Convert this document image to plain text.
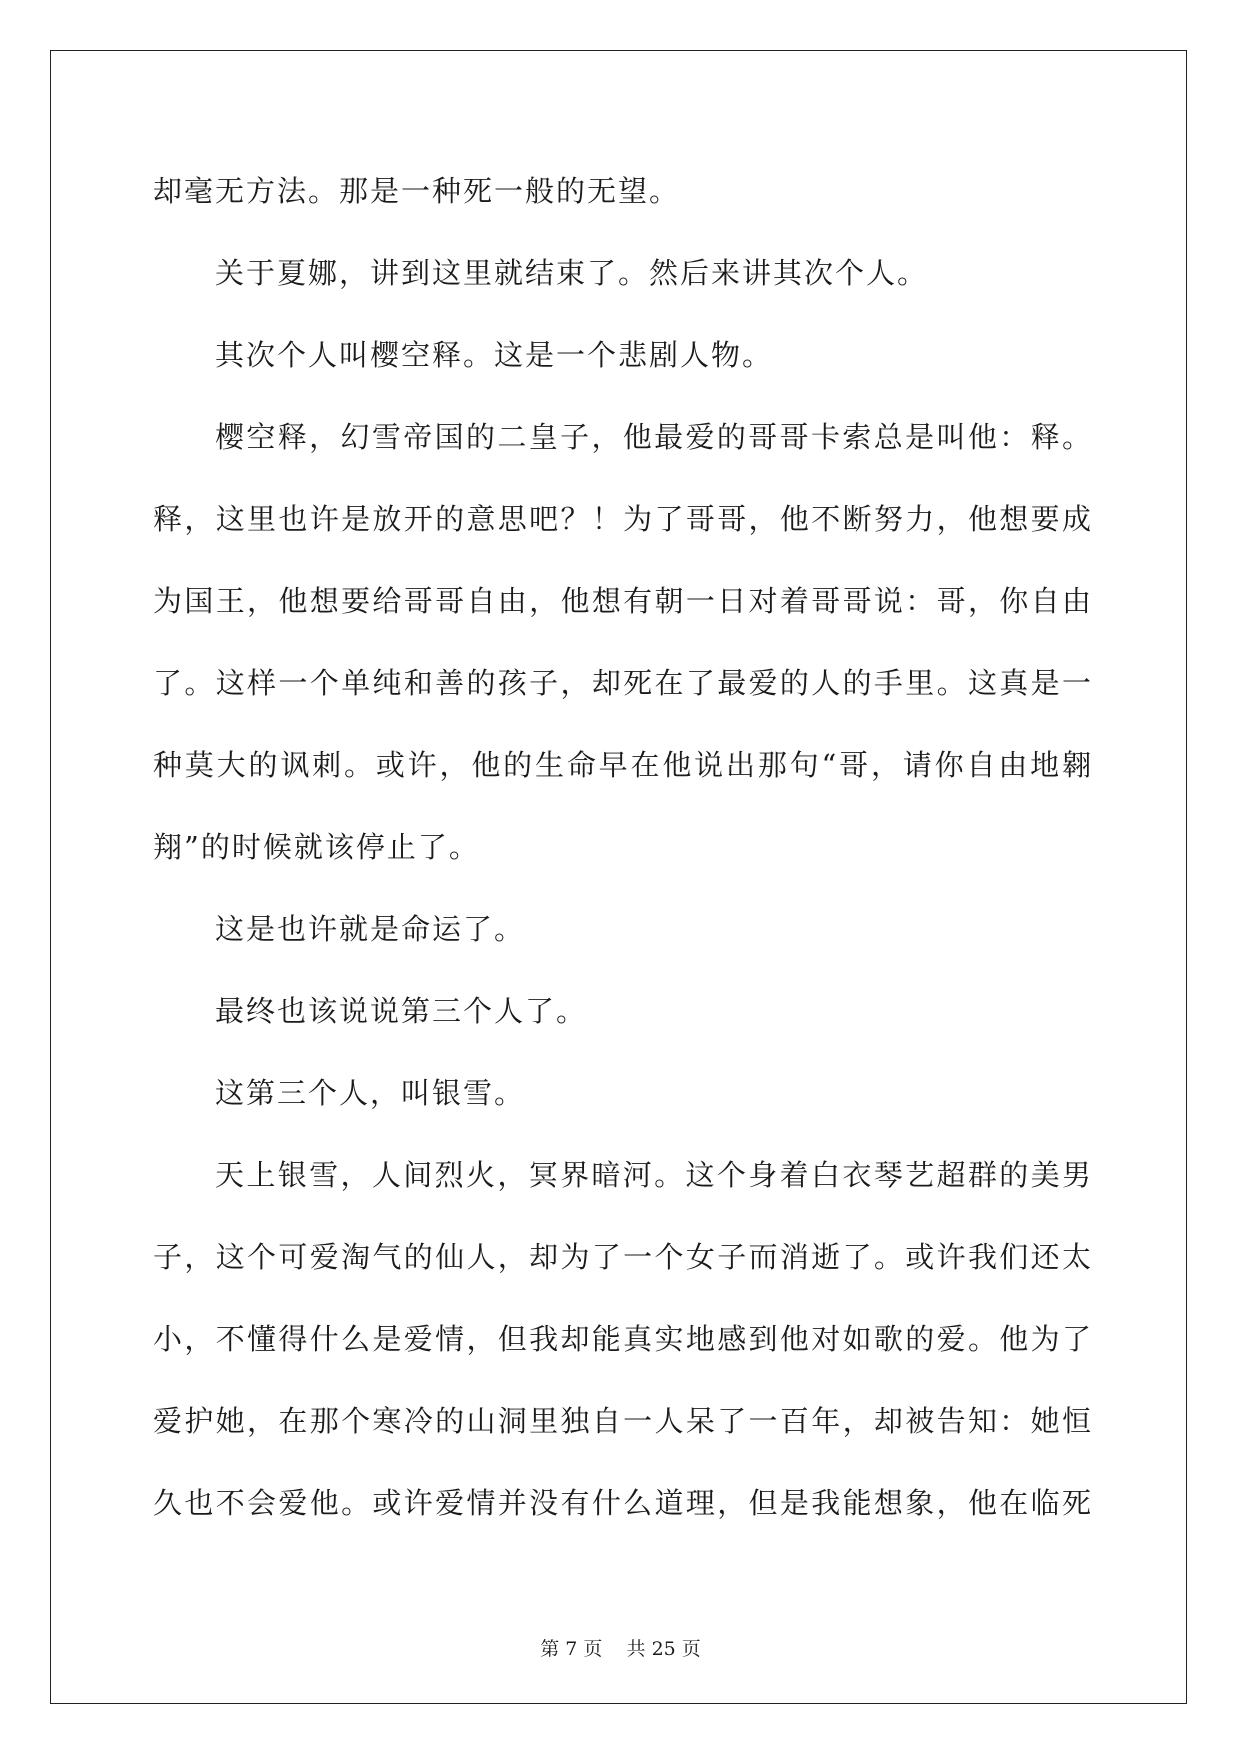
却毫无方法。那是一种死一般的无望。
关于夏娜，讲到这里就结束了。然后来讲其次个人。
其次个人叫樱空释。这是一个悲剧人物。
樱空释，幻雪帝国的二皇子，他最爱的哥哥卡索总是叫他：释。
释，这里也许是放开的意思吧？！为了哥哥，他不断努力，他想要成
为国王，他想要给哥哥自由，他想有朝一日对着哥哥说：哥，你自由
了。这样一个单纯和善的孩子，却死在了最爱的人的手里。这真是一
种莫大的讽刺。或许，他的生命早在他说出那句“哥，请你自由地翱
翔”的时候就该停止了。
这是也许就是命运了。
最终也该说说第三个人了。
这第三个人，叫银雪。
天上银雪，人间烈火，冥界暗河。这个身着白衣琴艺超群的美男
子，这个可爱淘气的仙人，却为了一个女子而消逝了。或许我们还太
小，不懂得什么是爱情，但我却能真实地感到他对如歌的爱。他为了
爱护她，在那个寒冷的山洞里独自一人呆了一百年，却被告知：她恒
久也不会爱他。或许爱情并没有什么道理，但是我能想象，他在临死
第 7 页    共 25 页
